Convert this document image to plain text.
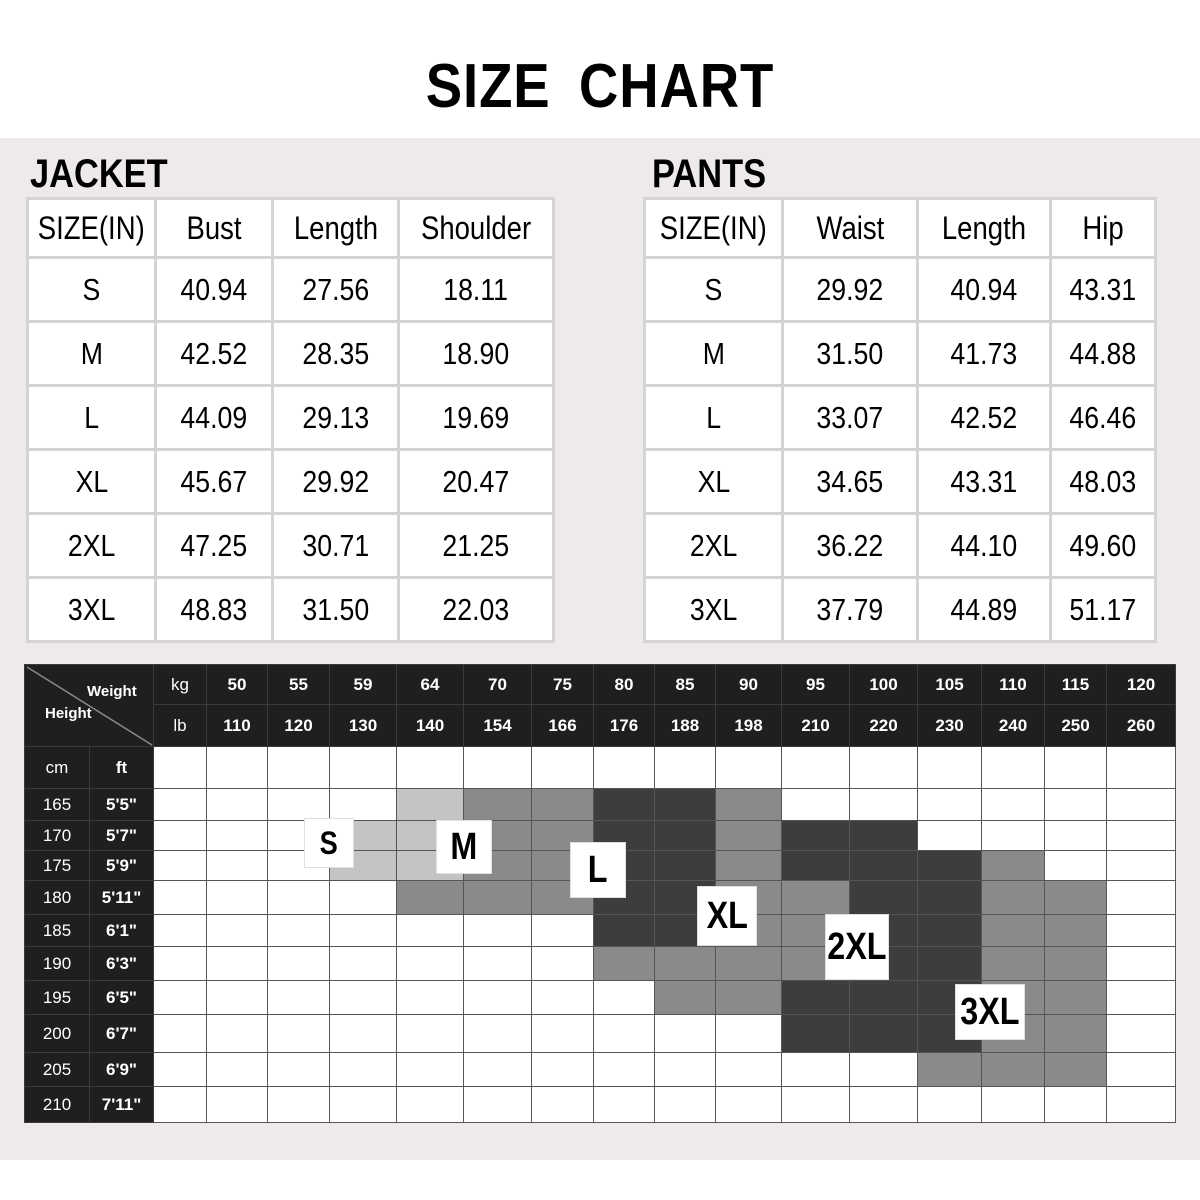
SIZE CHART
JACKET
SIZE(IN)	Bust	Length	Shoulder
S	40.94	27.56	18.11
M	42.52	28.35	18.90
L	44.09	29.13	19.69
XL	45.67	29.92	20.47
2XL	47.25	30.71	21.25
3XL	48.83	31.50	22.03
PANTS
SIZE(IN)	Waist	Length	Hip
S	29.92	40.94	43.31
M	31.50	41.73	44.88
L	33.07	42.52	46.46
XL	34.65	43.31	48.03
2XL	36.22	44.10	49.60
3XL	37.79	44.89	51.17
Weight
Height		kg	50	55	59	64	70	75	80	85	90	95	100	105	110	115	120
		lb	110	120	130	140	154	166	176	188	198	210	220	230	240	250	260
cm	ft																
165	5'5"																
170	5'7"																
175	5'9"																
180	5'11"																
185	6'1"																
190	6'3"																
195	6'5"																
200	6'7"																
205	6'9"																
210	7'11"																
S	M
L
XL
2XL
3XL
